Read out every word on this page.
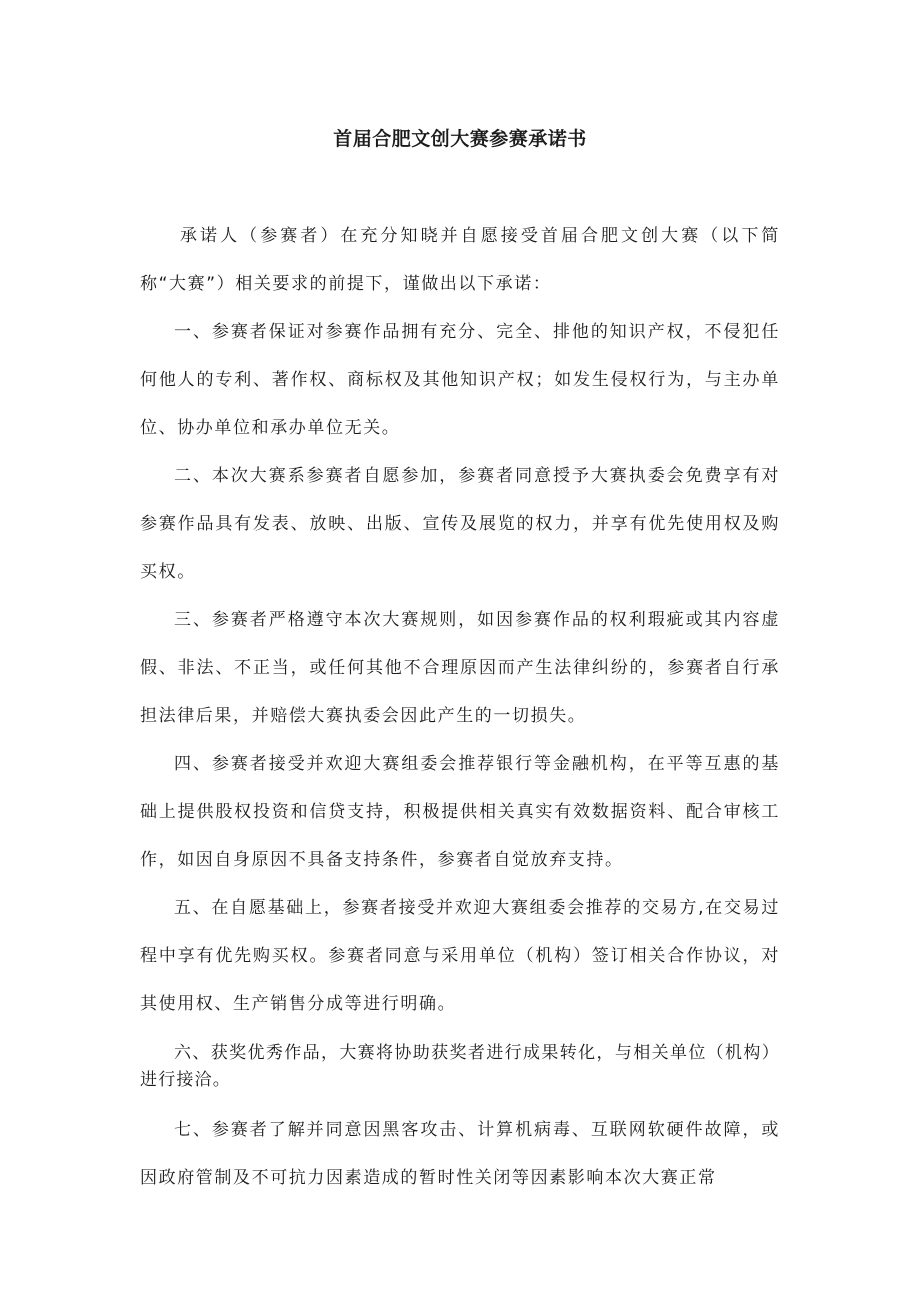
首届合肥文创大赛参赛承诺书

承诺人（参赛者）在充分知晓并自愿接受首届合肥文创大赛（以下简称“大赛”）相关要求的前提下，谨做出以下承诺：

一、参赛者保证对参赛作品拥有充分、完全、排他的知识产权，不侵犯任何他人的专利、著作权、商标权及其他知识产权；如发生侵权行为，与主办单位、协办单位和承办单位无关。

二、本次大赛系参赛者自愿参加，参赛者同意授予大赛执委会免费享有对参赛作品具有发表、放映、出版、宣传及展览的权力，并享有优先使用权及购买权。

三、参赛者严格遵守本次大赛规则，如因参赛作品的权利瑕疵或其内容虚假、非法、不正当，或任何其他不合理原因而产生法律纠纷的，参赛者自行承担法律后果，并赔偿大赛执委会因此产生的一切损失。

四、参赛者接受并欢迎大赛组委会推荐银行等金融机构，在平等互惠的基础上提供股权投资和信贷支持，积极提供相关真实有效数据资料、配合审核工作，如因自身原因不具备支持条件，参赛者自觉放弃支持。

五、在自愿基础上，参赛者接受并欢迎大赛组委会推荐的交易方,在交易过程中享有优先购买权。参赛者同意与采用单位（机构）签订相关合作协议，对其使用权、生产销售分成等进行明确。

六、获奖优秀作品，大赛将协助获奖者进行成果转化，与相关单位（机构）进行接洽。

七、参赛者了解并同意因黑客攻击、计算机病毒、互联网软硬件故障，或因政府管制及不可抗力因素造成的暂时性关闭等因素影响本次大赛正常
